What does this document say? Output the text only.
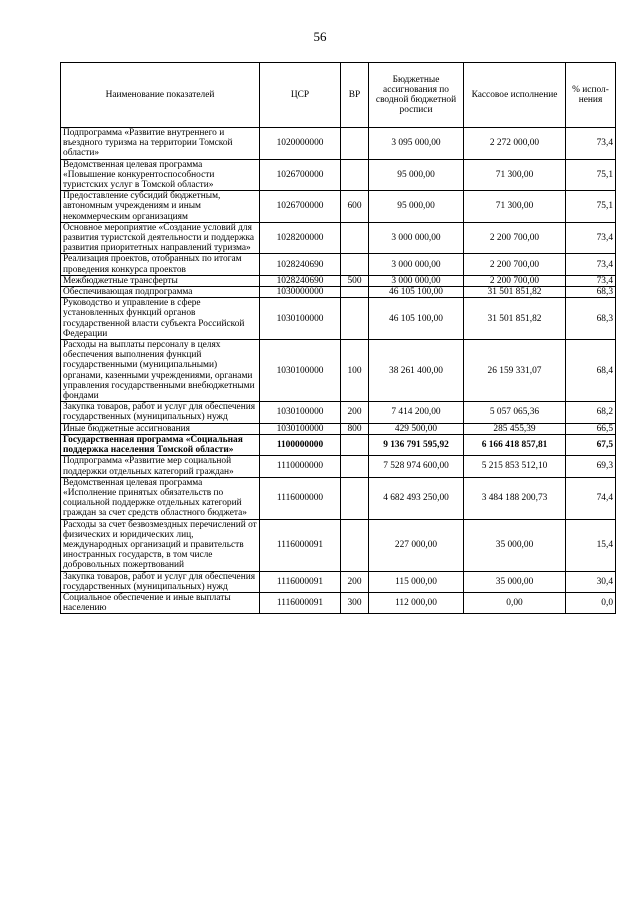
56
Наименование показателей	ЦСР	ВР	Бюджетные ассигнования по сводной бюджетной росписи	Кассовое исполнение	% испол-нения
Подпрограмма «Развитие внутреннего и въездного туризма на территории Томской области»	1020000000		3 095 000,00	2 272 000,00	73,4
Ведомственная целевая программа «Повышение конкурентоспособности туристских услуг в Томской области»	1026700000		95 000,00	71 300,00	75,1
Предоставление субсидий бюджетным, автономным учреждениям и иным некоммерческим организациям	1026700000	600	95 000,00	71 300,00	75,1
Основное мероприятие «Создание условий для развития туристской деятельности и поддержка развития приоритетных направлений туризма»	1028200000		3 000 000,00	2 200 700,00	73,4
Реализация проектов, отобранных по итогам проведения конкурса проектов	1028240690		3 000 000,00	2 200 700,00	73,4
Межбюджетные трансферты	1028240690	500	3 000 000,00	2 200 700,00	73,4
Обеспечивающая подпрограмма	1030000000		46 105 100,00	31 501 851,82	68,3
Руководство и управление в сфере установленных функций органов государственной власти субъекта Российской Федерации	1030100000		46 105 100,00	31 501 851,82	68,3
Расходы на выплаты персоналу в целях обеспечения выполнения функций государственными (муниципальными) органами, казенными учреждениями, органами управления государственными внебюджетными фондами	1030100000	100	38 261 400,00	26 159 331,07	68,4
Закупка товаров, работ и услуг для обеспечения государственных (муниципальных) нужд	1030100000	200	7 414 200,00	5 057 065,36	68,2
Иные бюджетные ассигнования	1030100000	800	429 500,00	285 455,39	66,5
Государственная программа «Социальная поддержка населения Томской области»	1100000000		9 136 791 595,92	6 166 418 857,81	67,5
Подпрограмма «Развитие мер социальной поддержки отдельных категорий граждан»	1110000000		7 528 974 600,00	5 215 853 512,10	69,3
Ведомственная целевая программа «Исполнение принятых обязательств по социальной поддержке отдельных категорий граждан за счет средств областного бюджета»	1116000000		4 682 493 250,00	3 484 188 200,73	74,4
Расходы за счет безвозмездных перечислений от физических и юридических лиц, международных организаций и правительств иностранных государств, в том числе добровольных пожертвований	1116000091		227 000,00	35 000,00	15,4
Закупка товаров, работ и услуг для обеспечения государственных (муниципальных) нужд	1116000091	200	115 000,00	35 000,00	30,4
Социальное обеспечение и иные выплаты населению	1116000091	300	112 000,00	0,00	0,0
